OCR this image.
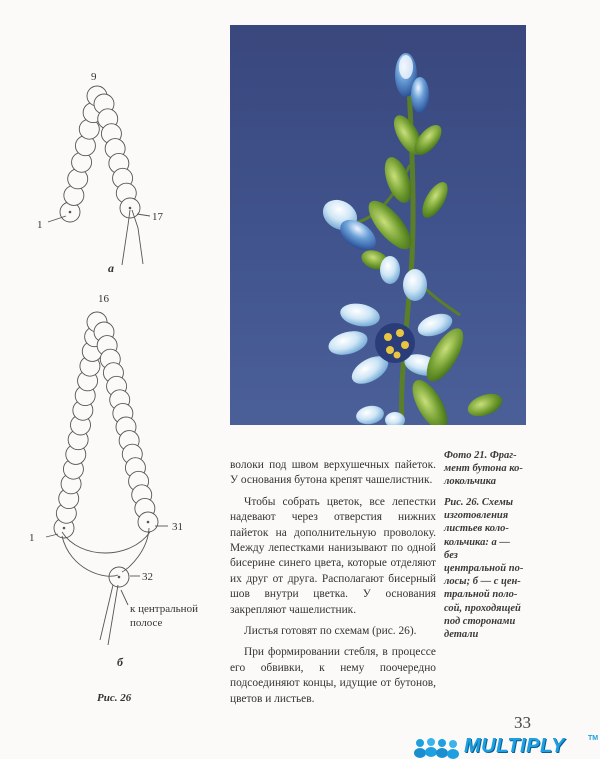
9
1
17
а
16
1
31
32
к центральной
полосе
б
Рис. 26

волоки под швом верхушечных пайеток. У основания бутона крепят чашелистник.

Чтобы собрать цветок, все лепестки надевают через отверстия нижних пайеток на дополнительную проволоку. Между лепестками нанизывают по одной бисерине синего цвета, которые отделяют их друг от друга. Располагают бисерный шов внутри цветка. У основания закрепляют чашелистник.

Листья готовят по схемам (рис. 26).

При формировании стебля, в процессе его обвивки, к нему поочередно подсоединяют концы, идущие от бутонов, цветов и листьев.

Фото 21. Фраг-
мент бутона ко-
локольчика
Рис. 26. Схемы
изготовления
листьев коло-
кольчика: а — без
центральной по-
лосы; б — с цен-
тральной поло-
сой, проходящей
под сторонами
детали
33
MULTIPLY	TM
